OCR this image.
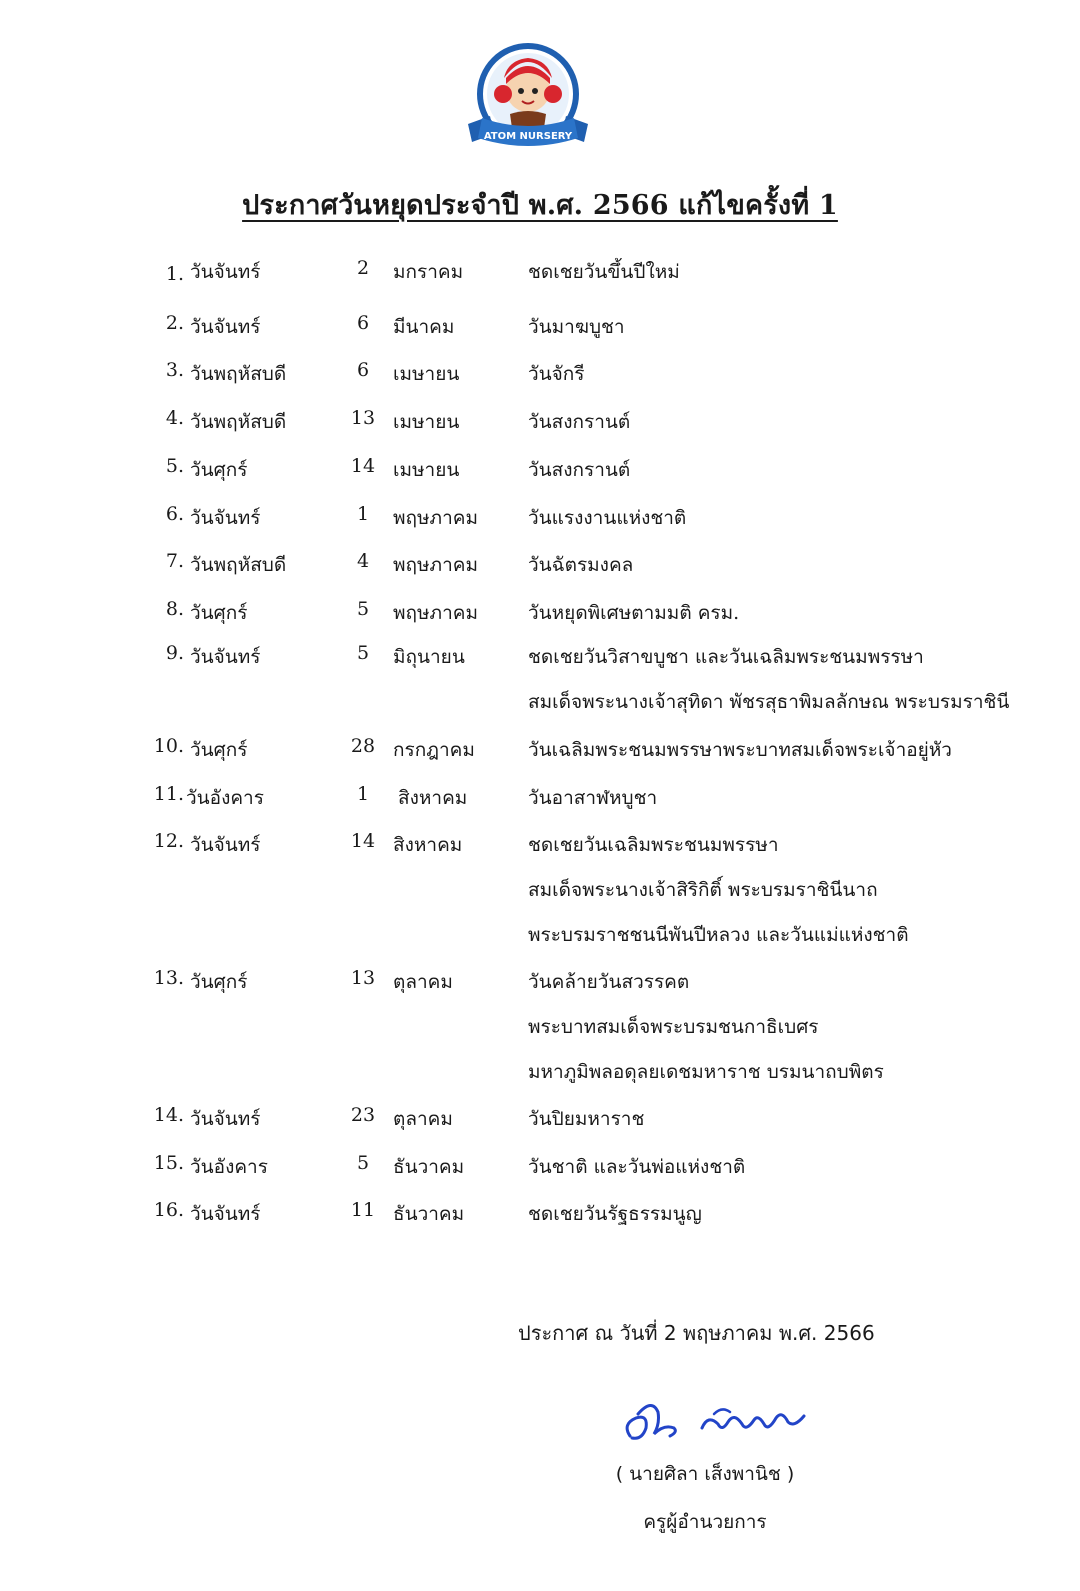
ATOM NURSERY
ประกาศวันหยุดประจำปี พ.ศ. 2566 แก้ไขครั้งที่ 1
1. วันจันทร์	2	มกราคม	ชดเชยวันขึ้นปีใหม่
2. วันจันทร์	6	มีนาคม	วันมาฆบูชา
3. วันพฤหัสบดี	6	เมษายน	วันจักรี
4. วันพฤหัสบดี	13 เมษายน	วันสงกรานต์
5. วันศุกร์	14 เมษายน	วันสงกรานต์
6. วันจันทร์	1	พฤษภาคม	วันแรงงานแห่งชาติ
7. วันพฤหัสบดี	4	พฤษภาคม	วันฉัตรมงคล
8. วันศุกร์	5	พฤษภาคม	วันหยุดพิเศษตามมติ ครม.
9. วันจันทร์	5	มิถุนายน	ชดเชยวันวิสาขบูชา และวันเฉลิมพระชนมพรรษา
สมเด็จพระนางเจ้าสุทิดา พัชรสุธาพิมลลักษณ พระบรมราชินี
10. วันศุกร์	28 กรกฎาคม	วันเฉลิมพระชนมพรรษาพระบาทสมเด็จพระเจ้าอยู่หัว
11. วันอังคาร	1	สิงหาคม	วันอาสาฬหบูชา
12. วันจันทร์	14 สิงหาคม	ชดเชยวันเฉลิมพระชนมพรรษา
สมเด็จพระนางเจ้าสิริกิติ์ พระบรมราชินีนาถ
พระบรมราชชนนีพันปีหลวง และวันแม่แห่งชาติ
13. วันศุกร์	13 ตุลาคม	วันคล้ายวันสวรรคต
พระบาทสมเด็จพระบรมชนกาธิเบศร
มหาภูมิพลอดุลยเดชมหาราช บรมนาถบพิตร
14. วันจันทร์	23 ตุลาคม	วันปิยมหาราช
15. วันอังคาร	5	ธันวาคม	วันชาติ และวันพ่อแห่งชาติ
16. วันจันทร์	11 ธันวาคม	ชดเชยวันรัฐธรรมนูญ
ประกาศ ณ วันที่ 2 พฤษภาคม พ.ศ. 2566
( นายศิลา เส็งพานิช )
ครูผู้อำนวยการ
